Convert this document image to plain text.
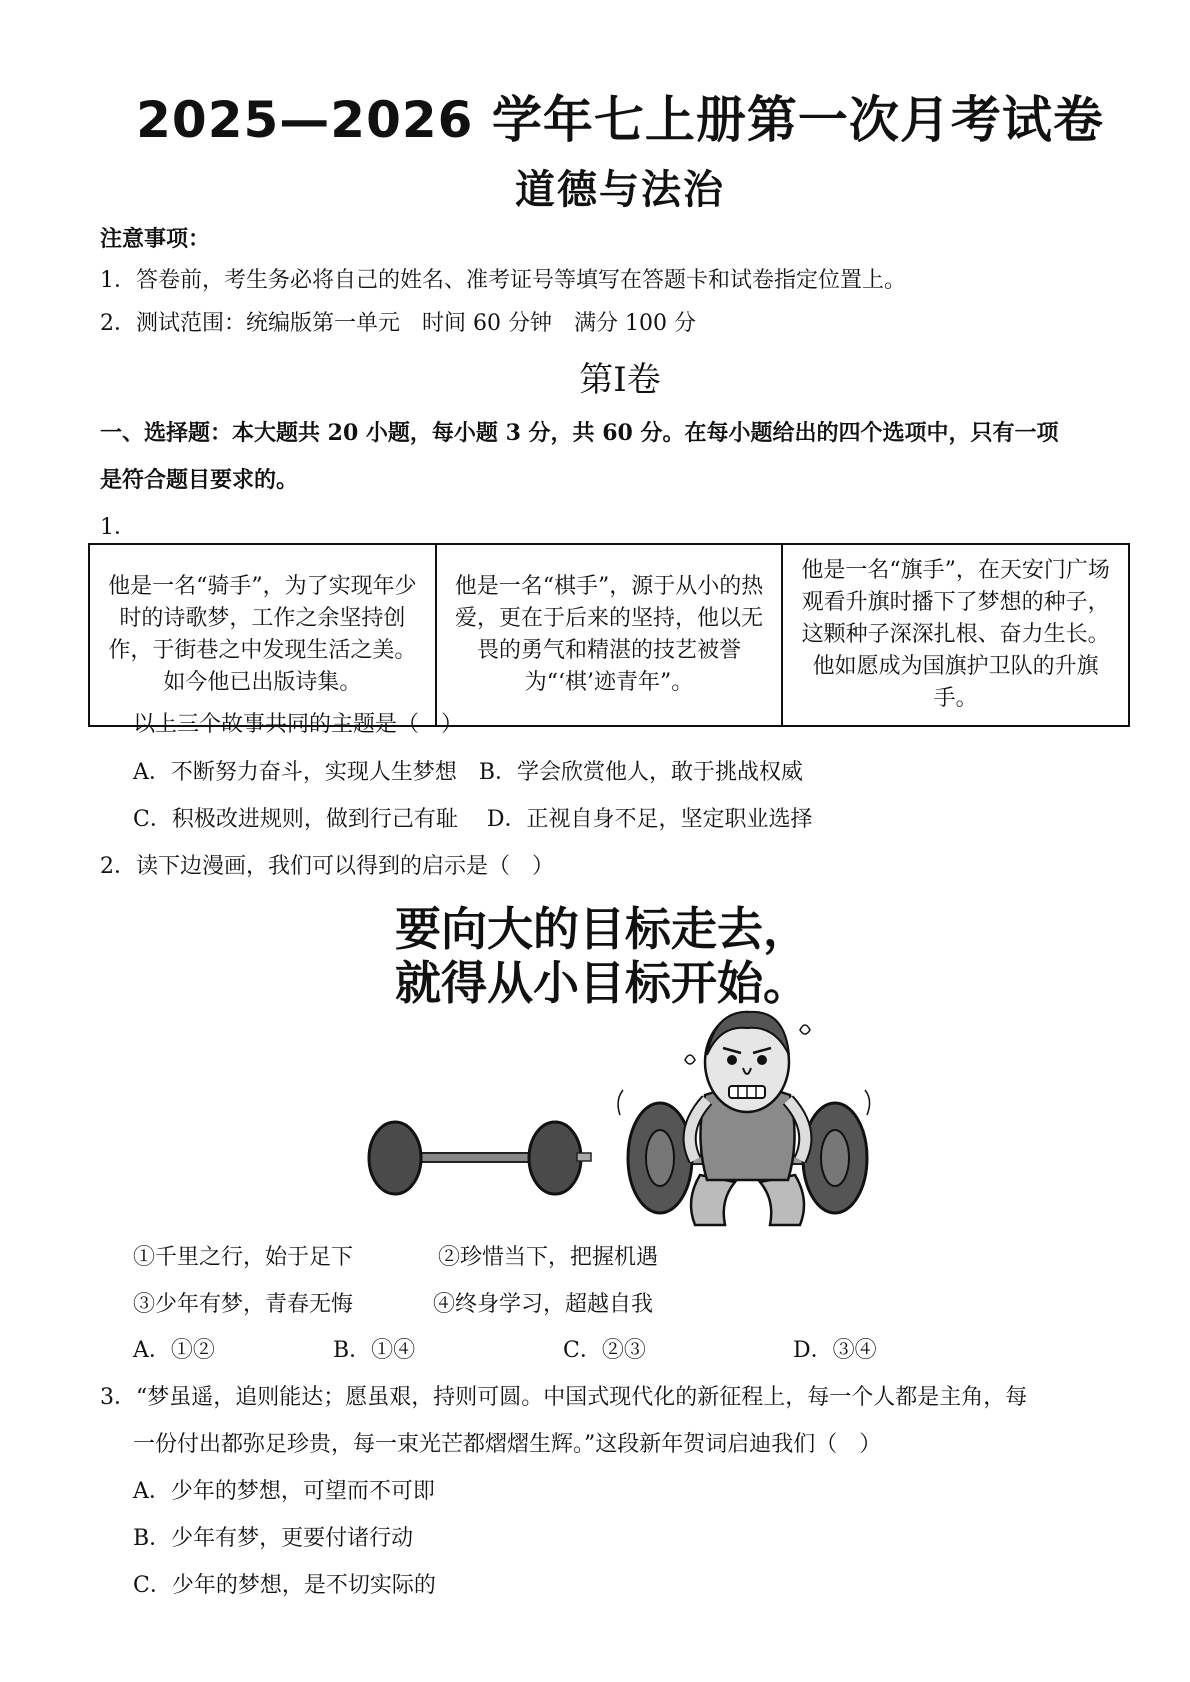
2025—2026 学年七上册第一次月考试卷
道德与法治
注意事项：
1．答卷前，考生务必将自己的姓名、准考证号等填写在答题卡和试卷指定位置上。
2．测试范围：统编版第一单元　时间 60 分钟　满分 100 分
第Ⅰ卷
一、选择题：本大题共 20 小题，每小题 3 分，共 60 分。在每小题给出的四个选项中，只有一项
是符合题目要求的。
1．
他是一名“骑手”，为了实现年少时的诗歌梦，工作之余坚持创作，于街巷之中发现生活之美。如今他已出版诗集。	他是一名“棋手”，源于从小的热爱，更在于后来的坚持，他以无畏的勇气和精湛的技艺被誉为“‘棋’迹青年”。	他是一名“旗手”，在天安门广场观看升旗时播下了梦想的种子，这颗种子深深扎根、奋力生长。他如愿成为国旗护卫队的升旗手。
以上三个故事共同的主题是（　）
A．不断努力奋斗，实现人生梦想　B．学会欣赏他人，敢于挑战权威
C．积极改进规则，做到行己有耻　 D．正视自身不足，坚定职业选择
2．读下边漫画，我们可以得到的启示是（　）
要向大的目标走去，
就得从小目标开始。
①千里之行，始于足下	②珍惜当下，把握机遇
③少年有梦，青春无悔	④终身学习，超越自我
A．①②	B．①④	C．②③	D．③④
3．“梦虽遥，追则能达；愿虽艰，持则可圆。中国式现代化的新征程上，每一个人都是主角，每
一份付出都弥足珍贵，每一束光芒都熠熠生辉。”这段新年贺词启迪我们（　）
A．少年的梦想，可望而不可即
B．少年有梦，更要付诸行动
C．少年的梦想，是不切实际的
